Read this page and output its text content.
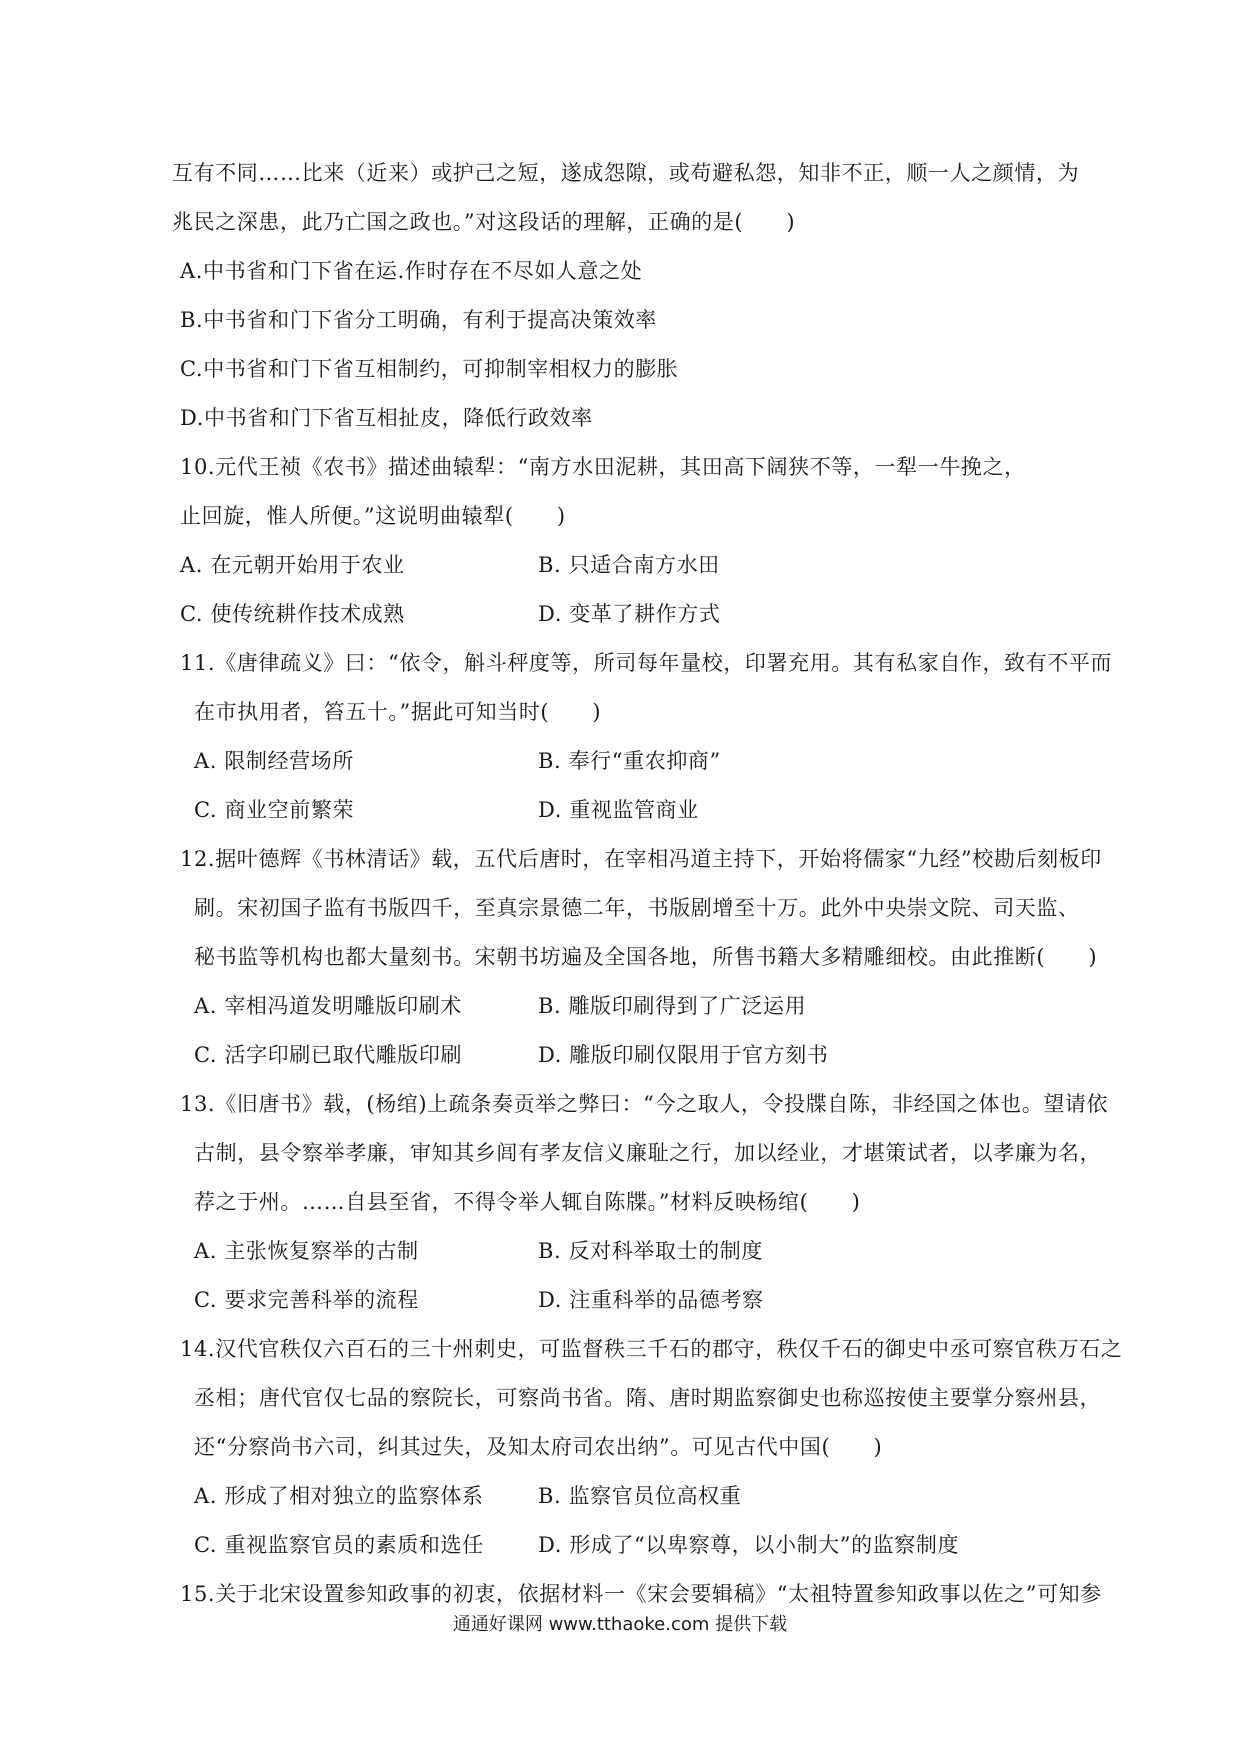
互有不同……比来（近来）或护己之短，遂成怨隙，或苟避私怨，知非不正，顺一人之颜情，为
兆民之深患，此乃亡国之政也。”对这段话的理解，正确的是(　　)
A.中书省和门下省在运.作时存在不尽如人意之处
B.中书省和门下省分工明确，有利于提高决策效率
C.中书省和门下省互相制约，可抑制宰相权力的膨胀
D.中书省和门下省互相扯皮，降低行政效率
10.元代王祯《农书》描述曲辕犁：“南方水田泥耕，其田高下阔狭不等，一犁一牛挽之，
止回旋，惟人所便。”这说明曲辕犁(　　)
A. 在元朝开始用于农业	B. 只适合南方水田
C. 使传统耕作技术成熟	D. 变革了耕作方式
11.《唐律疏义》曰：“依令，斛斗秤度等，所司每年量校，印署充用。其有私家自作，致有不平而
在市执用者，笞五十。”据此可知当时(　　)
A. 限制经营场所	B. 奉行“重农抑商”
C. 商业空前繁荣	D. 重视监管商业
12.据叶德辉《书林清话》载，五代后唐时，在宰相冯道主持下，开始将儒家“九经”校勘后刻板印
刷。宋初国子监有书版四千，至真宗景德二年，书版剧增至十万。此外中央崇文院、司天监、
秘书监等机构也都大量刻书。宋朝书坊遍及全国各地，所售书籍大多精雕细校。由此推断(　　)
A. 宰相冯道发明雕版印刷术	B. 雕版印刷得到了广泛运用
C. 活字印刷已取代雕版印刷	D. 雕版印刷仅限用于官方刻书
13.《旧唐书》载，(杨绾)上疏条奏贡举之弊曰：“今之取人，令投牒自陈，非经国之体也。望请依
古制，县令察举孝廉，审知其乡闾有孝友信义廉耻之行，加以经业，才堪策试者，以孝廉为名，
荐之于州。……自县至省，不得令举人辄自陈牒。”材料反映杨绾(　　)
A. 主张恢复察举的古制	B. 反对科举取士的制度
C. 要求完善科举的流程	D. 注重科举的品德考察
14.汉代官秩仅六百石的三十州刺史，可监督秩三千石的郡守，秩仅千石的御史中丞可察官秩万石之
丞相；唐代官仅七品的察院长，可察尚书省。隋、唐时期监察御史也称巡按使主要掌分察州县，
还“分察尚书六司，纠其过失，及知太府司农出纳”。可见古代中国(　　)
A. 形成了相对独立的监察体系	B. 监察官员位高权重
C. 重视监察官员的素质和选任	D. 形成了“以卑察尊，以小制大”的监察制度
15.关于北宋设置参知政事的初衷，依据材料一《宋会要辑稿》“太祖特置参知政事以佐之”可知参
通通好课网 www.tthaoke.com 提供下载
